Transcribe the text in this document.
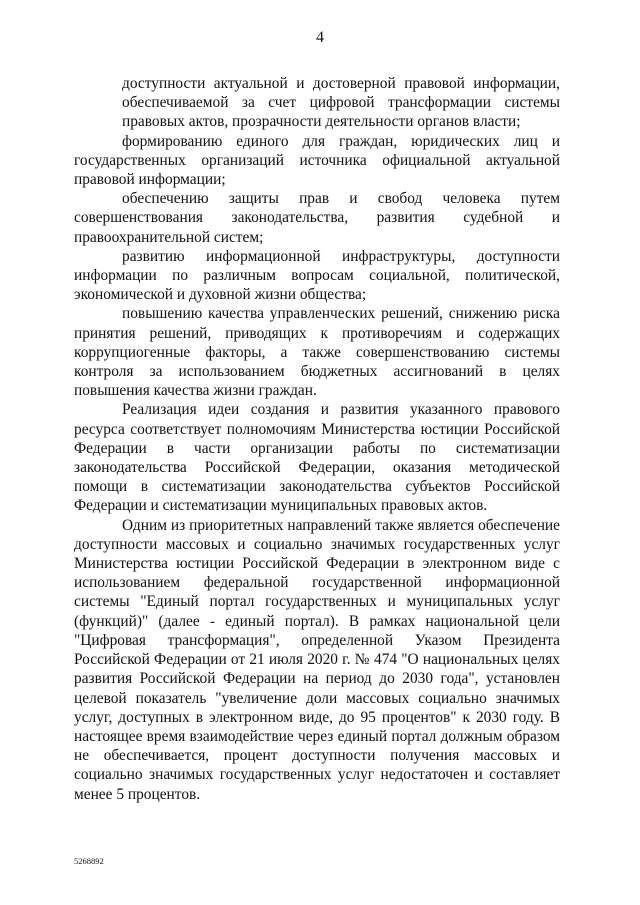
4

доступности актуальной и достоверной правовой информации, обеспечиваемой за счет цифровой трансформации системы правовых актов, прозрачности деятельности органов власти;

формированию единого для граждан, юридических лиц и государственных организаций источника официальной актуальной правовой информации;

обеспечению защиты прав и свобод человека путем совершенствования законодательства, развития судебной и правоохранительной систем;

развитию информационной инфраструктуры, доступности информации по различным вопросам социальной, политической, экономической и духовной жизни общества;

повышению качества управленческих решений, снижению риска принятия решений, приводящих к противоречиям и содержащих коррупциогенные факторы, а также совершенствованию системы контроля за использованием бюджетных ассигнований в целях повышения качества жизни граждан.

Реализация идеи создания и развития указанного правового ресурса соответствует полномочиям Министерства юстиции Российской Федерации в части организации работы по систематизации законодательства Российской Федерации, оказания методической помощи в систематизации законодательства субъектов Российской Федерации и систематизации муниципальных правовых актов.

Одним из приоритетных направлений также является обеспечение доступности массовых и социально значимых государственных услуг Министерства юстиции Российской Федерации в электронном виде с использованием федеральной государственной информационной системы "Единый портал государственных и муниципальных услуг (функций)" (далее - единый портал). В рамках национальной цели "Цифровая трансформация", определенной Указом Президента Российской Федерации от 21 июля 2020 г. № 474 "О национальных целях развития Российской Федерации на период до 2030 года", установлен целевой показатель "увеличение доли массовых социально значимых услуг, доступных в электронном виде, до 95 процентов" к 2030 году. В настоящее время взаимодействие через единый портал должным образом не обеспечивается, процент доступности получения массовых и социально значимых государственных услуг недостаточен и составляет менее 5 процентов.

5268892
